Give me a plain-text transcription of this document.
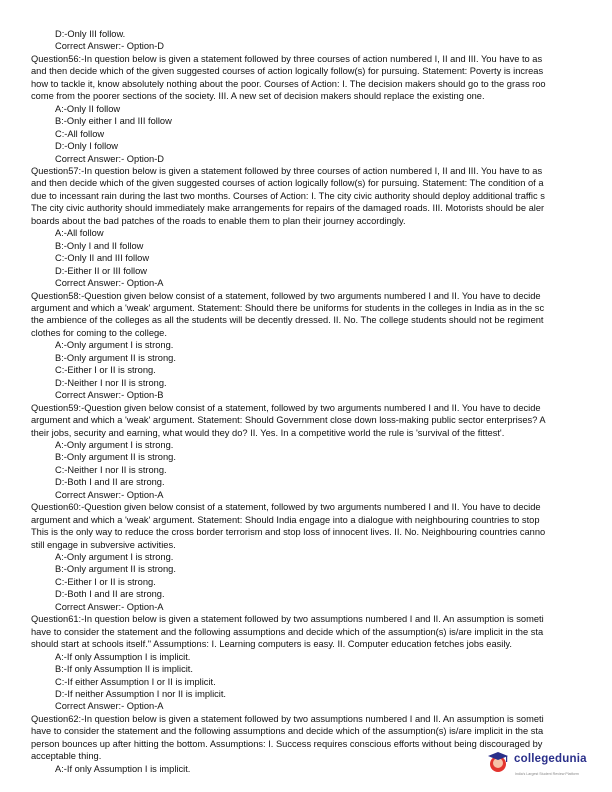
D:-Only III follow.
Correct Answer:- Option-D
Question56:-In question below is given a statement followed by three courses of action numbered I, II and III. You have to as
and then decide which of the given suggested courses of action logically follow(s) for pursuing. Statement: Poverty is increas
how to tackle it, know absolutely nothing about the poor. Courses of Action: I. The decision makers should go to the grass roo
come from the poorer sections of the society. III. A new set of decision makers should replace the existing one.
A:-Only II follow
B:-Only either I and III follow
C:-All follow
D:-Only I follow
Correct Answer:- Option-D
Question57:-In question below is given a statement followed by three courses of action numbered I, II and III. You have to as
and then decide which of the given suggested courses of action logically follow(s) for pursuing. Statement: The condition of a
due to incessant rain during the last two months. Courses of Action: I. The city civic authority should deploy additional traffic s
The city civic authority should immediately make arrangements for repairs of the damaged roads. III. Motorists should be aler
boards about the bad patches of the roads to enable them to plan their journey accordingly.
A:-All follow
B:-Only I and II follow
C:-Only II and III follow
D:-Either II or III follow
Correct Answer:- Option-A
Question58:-Question given below consist of a statement, followed by two arguments numbered I and II. You have to decide
argument and which a 'weak' argument. Statement: Should there be uniforms for students in the colleges in India as in the sc
the ambience of the colleges as all the students will be decently dressed. II. No. The college students should not be regiment
clothes for coming to the college.
A:-Only argument I is strong.
B:-Only argument II is strong.
C:-Either I or II is strong.
D:-Neither I nor II is strong.
Correct Answer:- Option-B
Question59:-Question given below consist of a statement, followed by two arguments numbered I and II. You have to decide
argument and which a 'weak' argument. Statement: Should Government close down loss-making public sector enterprises? A
their jobs, security and earning, what would they do? II. Yes. In a competitive world the rule is 'survival of the fittest'.
A:-Only argument I is strong.
B:-Only argument II is strong.
C:-Neither I nor II is strong.
D:-Both I and II are strong.
Correct Answer:- Option-A
Question60:-Question given below consist of a statement, followed by two arguments numbered I and II. You have to decide
argument and which a 'weak' argument. Statement: Should India engage into a dialogue with neighbouring countries to stop
This is the only way to reduce the cross border terrorism and stop loss of innocent lives. II. No. Neighbouring countries canno
still engage in subversive activities.
A:-Only argument I is strong.
B:-Only argument II is strong.
C:-Either I or II is strong.
D:-Both I and II are strong.
Correct Answer:- Option-A
Question61:-In question below is given a statement followed by two assumptions numbered I and II. An assumption is someti
have to consider the statement and the following assumptions and decide which of the assumption(s) is/are implicit in the sta
should start at schools itself." Assumptions: I. Learning computers is easy. II. Computer education fetches jobs easily.
A:-If only Assumption I is implicit.
B:-If only Assumption II is implicit.
C:-If either Assumption I or II is implicit.
D:-If neither Assumption I nor II is implicit.
Correct Answer:- Option-A
Question62:-In question below is given a statement followed by two assumptions numbered I and II. An assumption is someti
have to consider the statement and the following assumptions and decide which of the assumption(s) is/are implicit in the sta
person bounces up after hitting the bottom. Assumptions: I. Success requires conscious efforts without being discouraged by
acceptable thing.
A:-If only Assumption I is implicit.
collegedunia
India's Largest Student Review Platform
